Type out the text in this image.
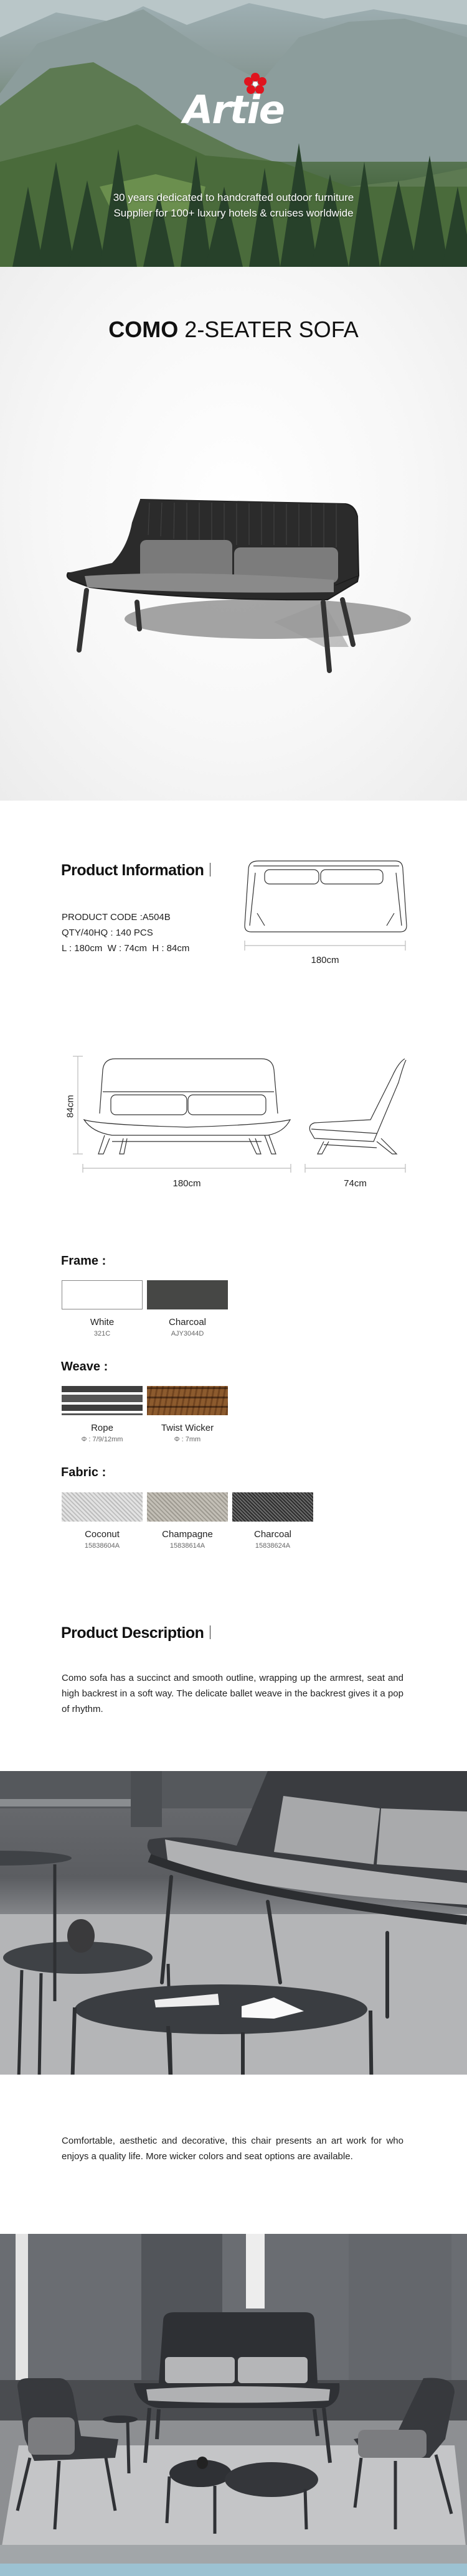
Artie
30 years dedicated to handcrafted outdoor furniture
Supplier for 100+ luxury hotels & cruises worldwide
COMO 2-SEATER SOFA
Product Information
PRODUCT CODE :A504B
QTY/40HQ : 140 PCS
L : 180cm  W : 74cm  H : 84cm
180cm
84cm
180cm	74cm
Frame :
White
321C
Charcoal
AJY3044D
Weave :
Rope
Φ : 7/9/12mm
Twist Wicker
Φ : 7mm
Fabric :
Coconut
15838604A
Champagne
15838614A
Charcoal
15838624A
Product Description
Como sofa has a succinct and smooth outline, wrapping up the armrest, seat and high backrest in a soft way. The delicate ballet weave in the backrest gives it a pop of rhythm.
Comfortable, aesthetic and decorative, this chair presents an art work for who enjoys a quality life. More wicker colors and seat options are available.
